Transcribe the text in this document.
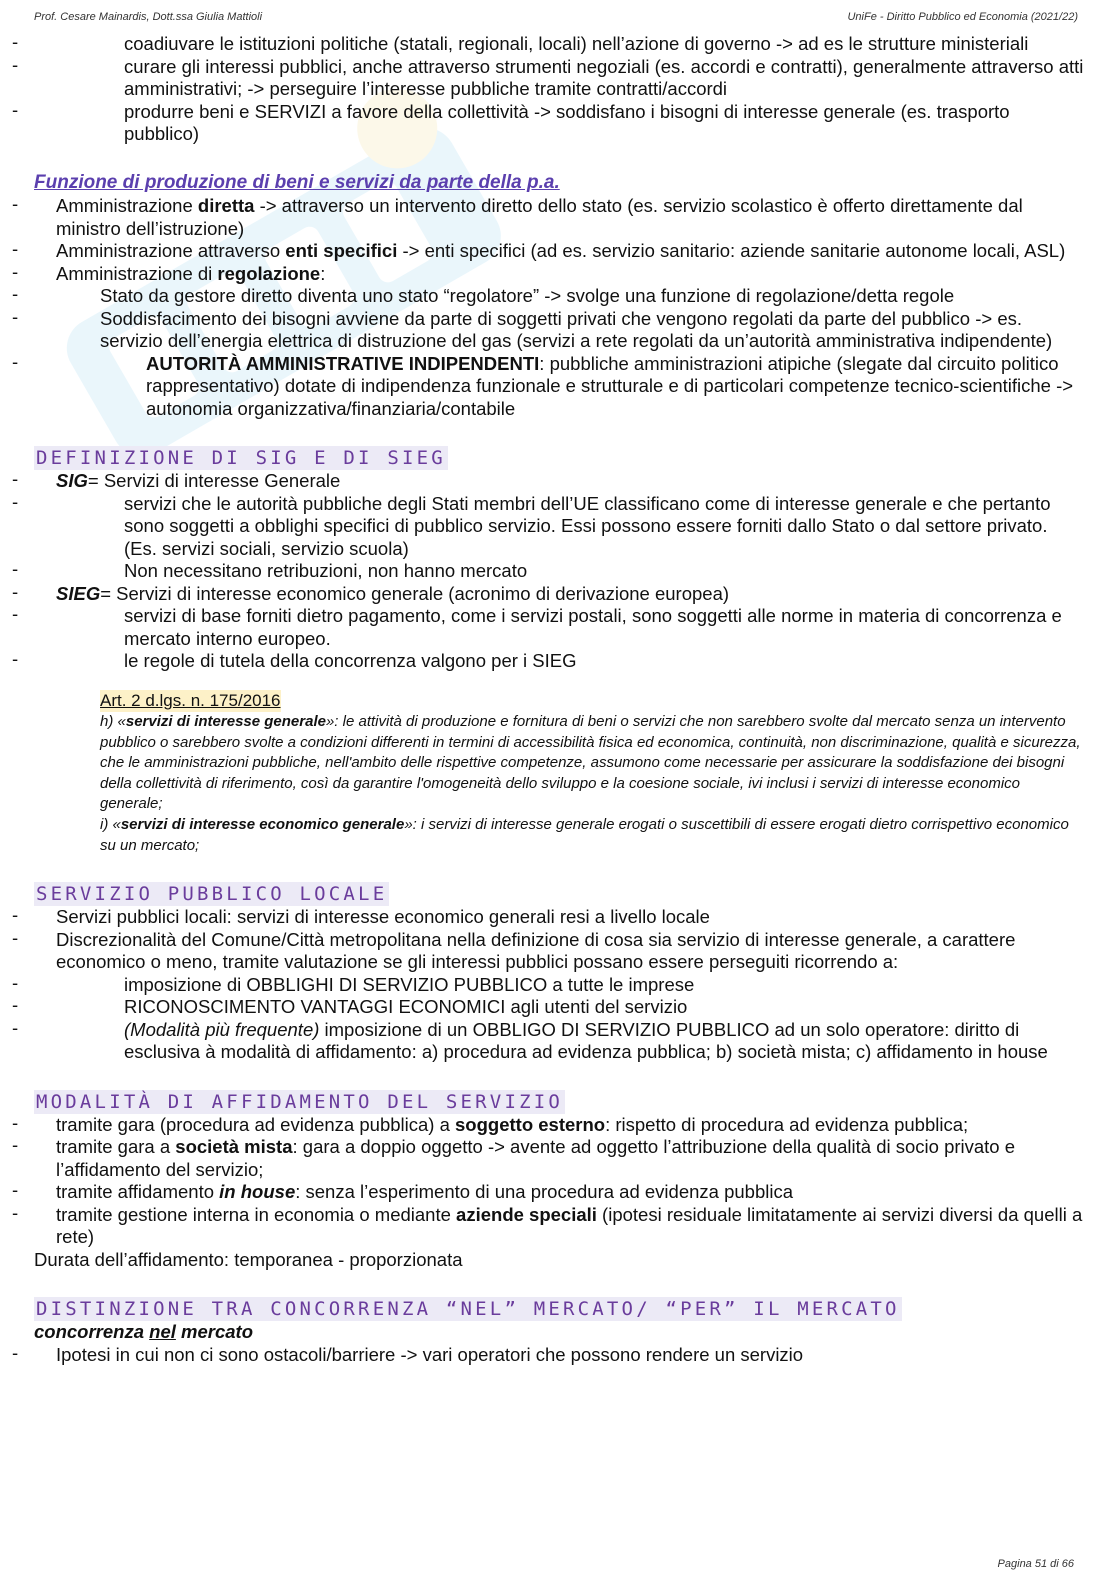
Prof. Cesare Mainardis, Dott.ssa Giulia Mattioli	UniFe - Diritto Pubblico ed Economia (2021/22)
- coadiuvare le istituzioni politiche (statali, regionali, locali) nell’azione di governo -> ad es le strutture ministeriali
- curare gli interessi pubblici, anche attraverso strumenti negoziali (es. accordi e contratti), generalmente attraverso atti amministrativi; -> perseguire l’interesse pubbliche tramite contratti/accordi
- produrre beni e SERVIZI a favore della collettività -> soddisfano i bisogni di interesse generale (es. trasporto pubblico)
Funzione di produzione di beni e servizi da parte della p.a.
- Amministrazione diretta -> attraverso un intervento diretto dello stato (es. servizio scolastico è offerto direttamente dal ministro dell’istruzione)
- Amministrazione attraverso enti specifici -> enti specifici (ad es. servizio sanitario: aziende sanitarie autonome locali, ASL)
- Amministrazione di regolazione:
- Stato da gestore diretto diventa uno stato “regolatore” -> svolge una funzione di regolazione/detta regole
- Soddisfacimento dei bisogni avviene da parte di soggetti privati che vengono regolati da parte del pubblico -> es. servizio dell’energia elettrica di distruzione del gas (servizi a rete regolati da un’autorità amministrativa indipendente)
- AUTORITÀ AMMINISTRATIVE INDIPENDENTI: pubbliche amministrazioni atipiche (slegate dal circuito politico rappresentativo) dotate di indipendenza funzionale e strutturale e di particolari competenze tecnico-scientifiche -> autonomia organizzativa/finanziaria/contabile
DEFINIZIONE DI SIG E DI SIEG
- SIG= Servizi di interesse Generale
- servizi che le autorità pubbliche degli Stati membri dell’UE classificano come di interesse generale e che pertanto sono soggetti a obblighi specifici di pubblico servizio. Essi possono essere forniti dallo Stato o dal settore privato. (Es. servizi sociali, servizio scuola)
- Non necessitano retribuzioni, non hanno mercato
- SIEG= Servizi di interesse economico generale (acronimo di derivazione europea)
- servizi di base forniti dietro pagamento, come i servizi postali, sono soggetti alle norme in materia di concorrenza e mercato interno europeo.
- le regole di tutela della concorrenza valgono per i SIEG
Art. 2 d.lgs. n. 175/2016
h) «servizi di interesse generale»: le attività di produzione e fornitura di beni o servizi che non sarebbero svolte dal mercato senza un intervento pubblico o sarebbero svolte a condizioni differenti in termini di accessibilità fisica ed economica, continuità, non discriminazione, qualità e sicurezza, che le amministrazioni pubbliche, nell'ambito delle rispettive competenze, assumono come necessarie per assicurare la soddisfazione dei bisogni della collettività di riferimento, così da garantire l'omogeneità dello sviluppo e la coesione sociale, ivi inclusi i servizi di interesse economico generale;
i) «servizi di interesse economico generale»: i servizi di interesse generale erogati o suscettibili di essere erogati dietro corrispettivo economico su un mercato;
SERVIZIO PUBBLICO LOCALE
- Servizi pubblici locali: servizi di interesse economico generali resi a livello locale
- Discrezionalità del Comune/Città metropolitana nella definizione di cosa sia servizio di interesse generale, a carattere economico o meno, tramite valutazione se gli interessi pubblici possano essere perseguiti ricorrendo a:
- imposizione di OBBLIGHI DI SERVIZIO PUBBLICO a tutte le imprese
- RICONOSCIMENTO VANTAGGI ECONOMICI agli utenti del servizio
- (Modalità più frequente) imposizione di un OBBLIGO DI SERVIZIO PUBBLICO ad un solo operatore: diritto di esclusiva à modalità di affidamento: a) procedura ad evidenza pubblica; b) società mista; c) affidamento in house
MODALITÀ DI AFFIDAMENTO DEL SERVIZIO
- tramite gara (procedura ad evidenza pubblica) a soggetto esterno: rispetto di procedura ad evidenza pubblica;
- tramite gara a società mista: gara a doppio oggetto -> avente ad oggetto l’attribuzione della qualità di socio privato e l’affidamento del servizio;
- tramite affidamento in house: senza l’esperimento di una procedura ad evidenza pubblica
- tramite gestione interna in economia o mediante aziende speciali (ipotesi residuale limitatamente ai servizi diversi da quelli a rete)
Durata dell’affidamento: temporanea - proporzionata
DISTINZIONE TRA CONCORRENZA “NEL” MERCATO/ “PER” IL MERCATO
concorrenza nel mercato
- Ipotesi in cui non ci sono ostacoli/barriere -> vari operatori che possono rendere un servizio
Pagina 51 di 66
